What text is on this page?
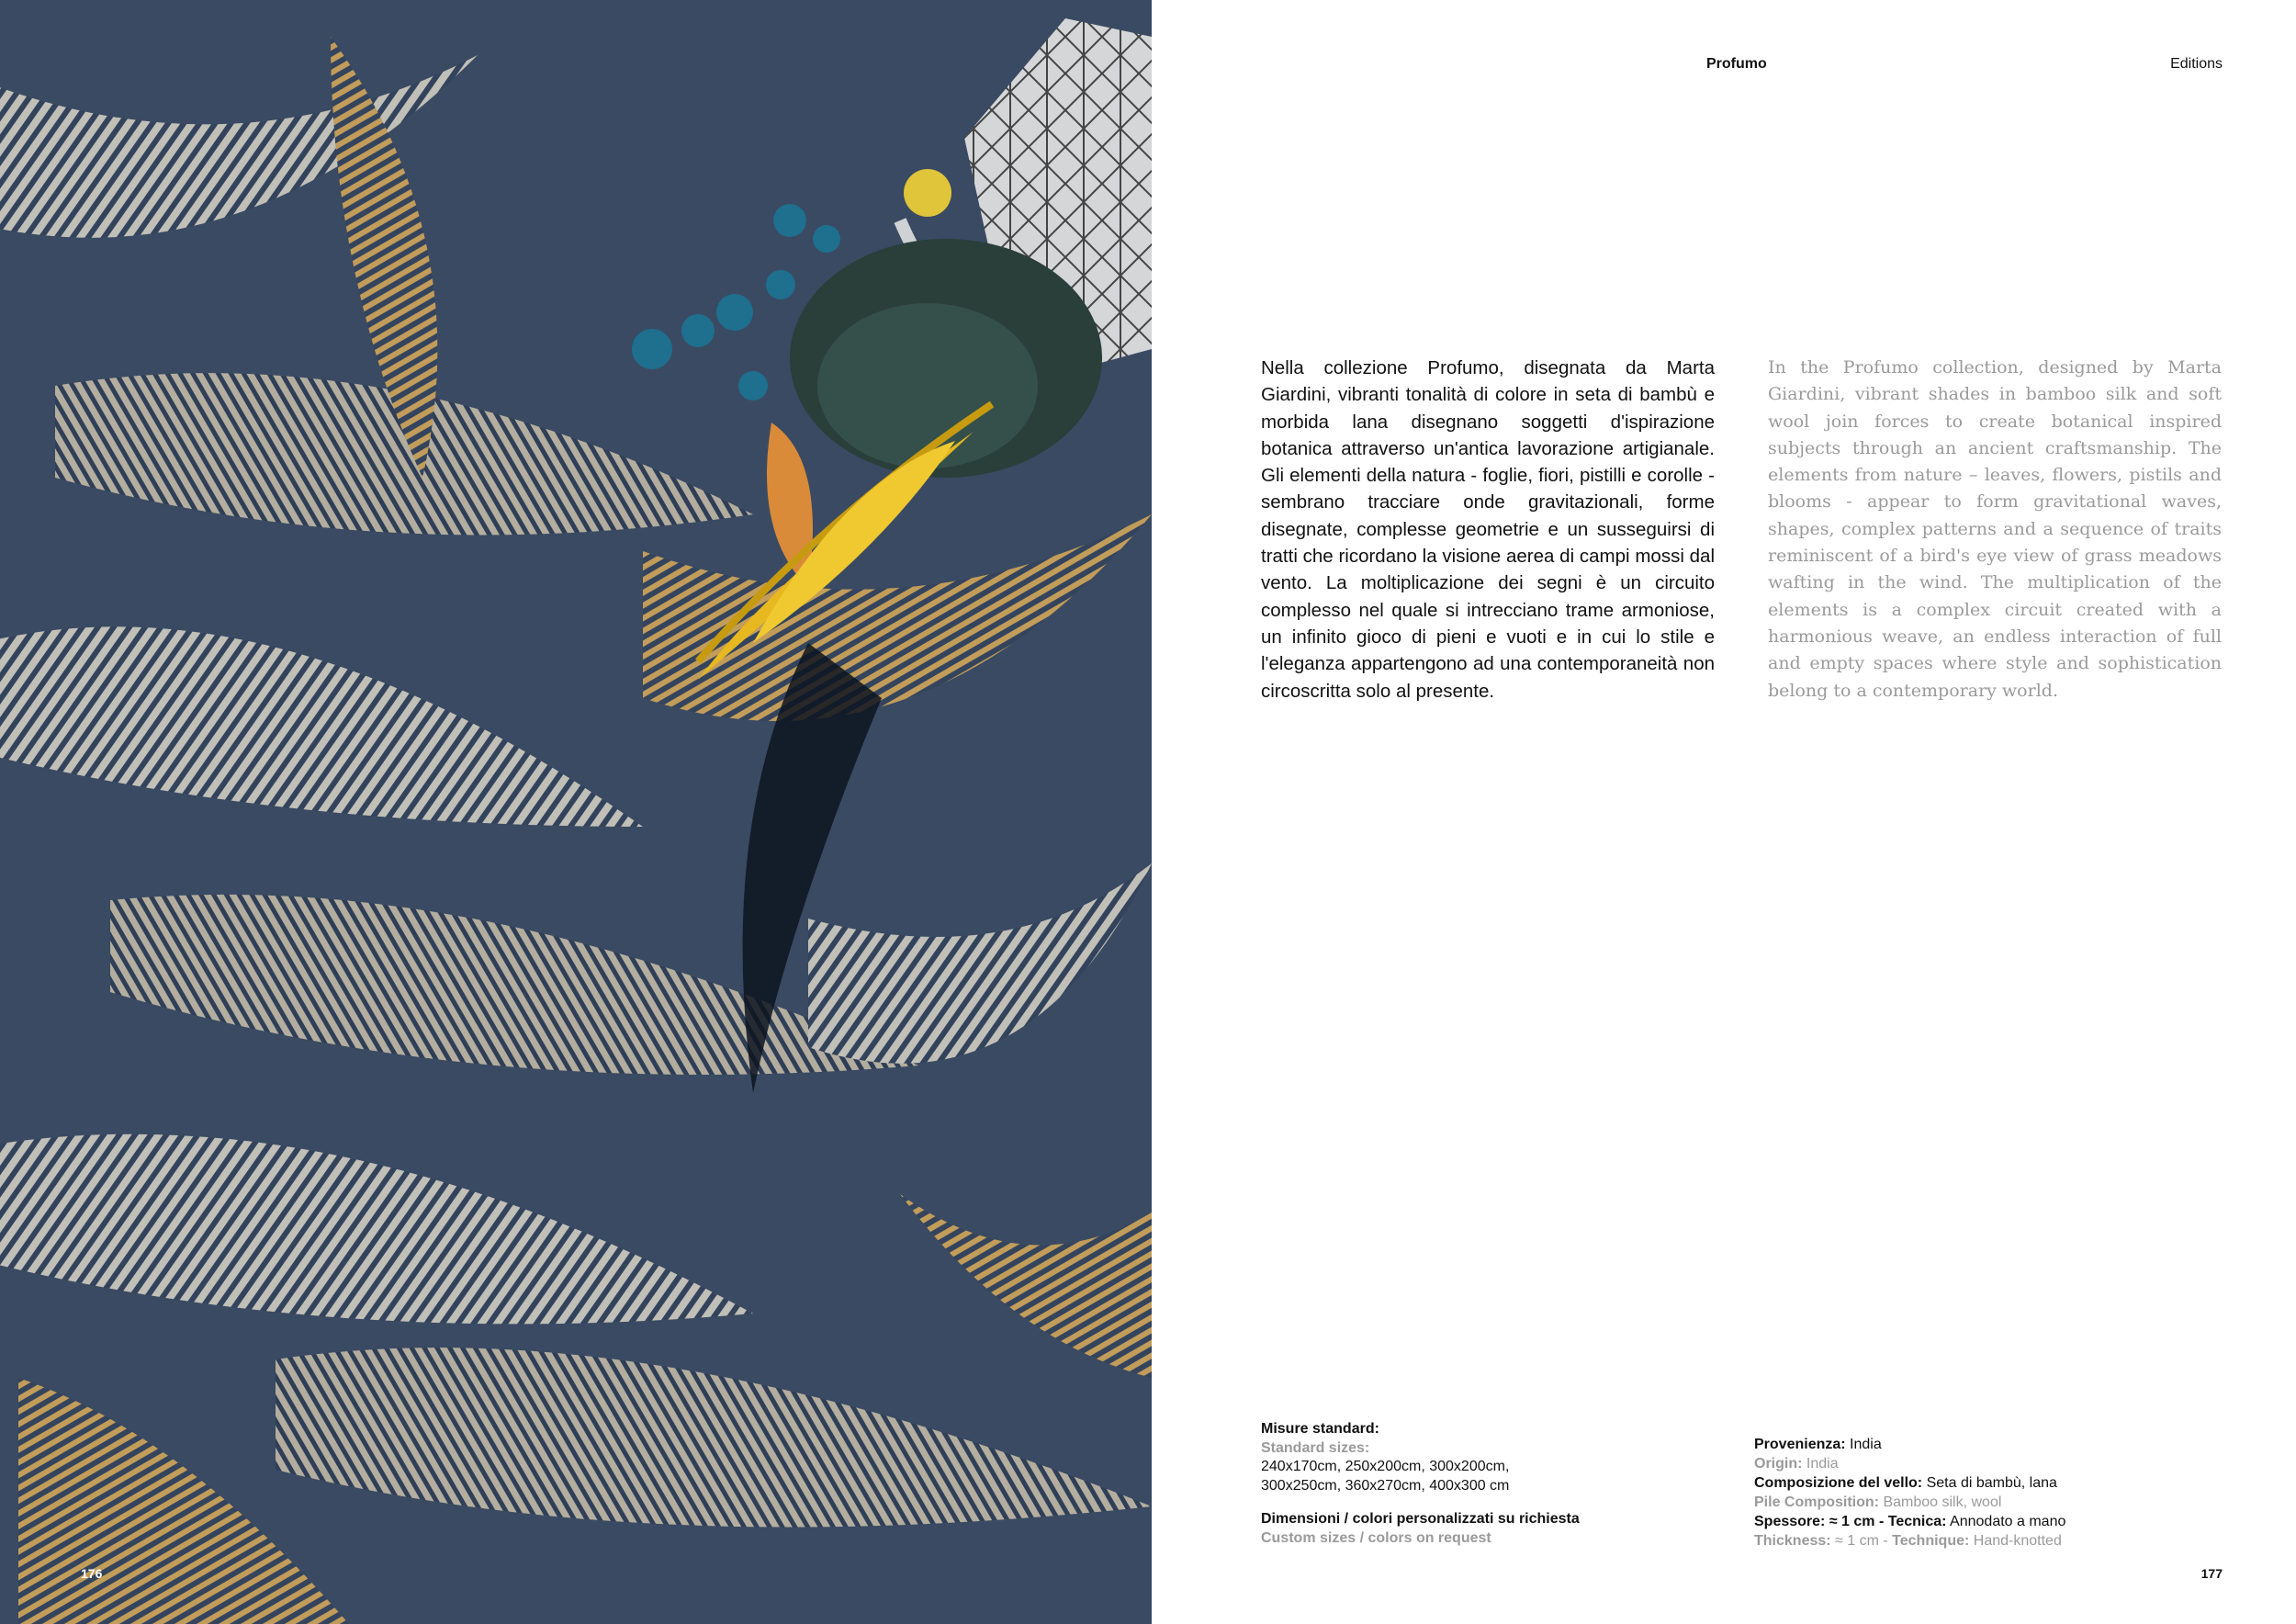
176
Profumo	Editions

Nella collezione Profumo, disegnata da Marta Giardini, vibranti tonalità di colore in seta di bambù e morbida lana disegnano soggetti d'ispirazione botanica attraverso un'antica lavorazione artigianale. Gli elementi della natura - foglie, fiori, pistilli e corolle - sembrano tracciare onde gravitazionali, forme disegnate, complesse geometrie e un susseguirsi di tratti che ricordano la visione aerea di campi mossi dal vento. La moltiplicazione dei segni è un circuito complesso nel quale si intrecciano trame armoniose, un infinito gioco di pieni e vuoti e in cui lo stile e l'eleganza appartengono ad una contemporaneità non circoscritta solo al presente.

In the Profumo collection, designed by Marta Giardini, vibrant shades in bamboo silk and soft wool join forces to create botanical inspired subjects through an ancient craftsmanship. The elements from nature – leaves, flowers, pistils and blooms - appear to form gravitational waves, shapes, complex patterns and a sequence of traits reminiscent of a bird's eye view of grass meadows wafting in the wind. The multiplication of the elements is a complex circuit created with a harmonious weave, an endless interaction of full and empty spaces where style and sophistication belong to a contemporary world.

Misure standard:
Standard sizes:
240x170cm, 250x200cm, 300x200cm,
300x250cm, 360x270cm, 400x300 cm
Dimensioni / colori personalizzati su richiesta
Custom sizes / colors on request
Provenienza: India
Origin: India
Composizione del vello: Seta di bambù, lana
Pile Composition: Bamboo silk, wool
Spessore: ≈ 1 cm - Tecnica: Annodato a mano
Thickness: ≈ 1 cm - Technique: Hand-knotted
177
